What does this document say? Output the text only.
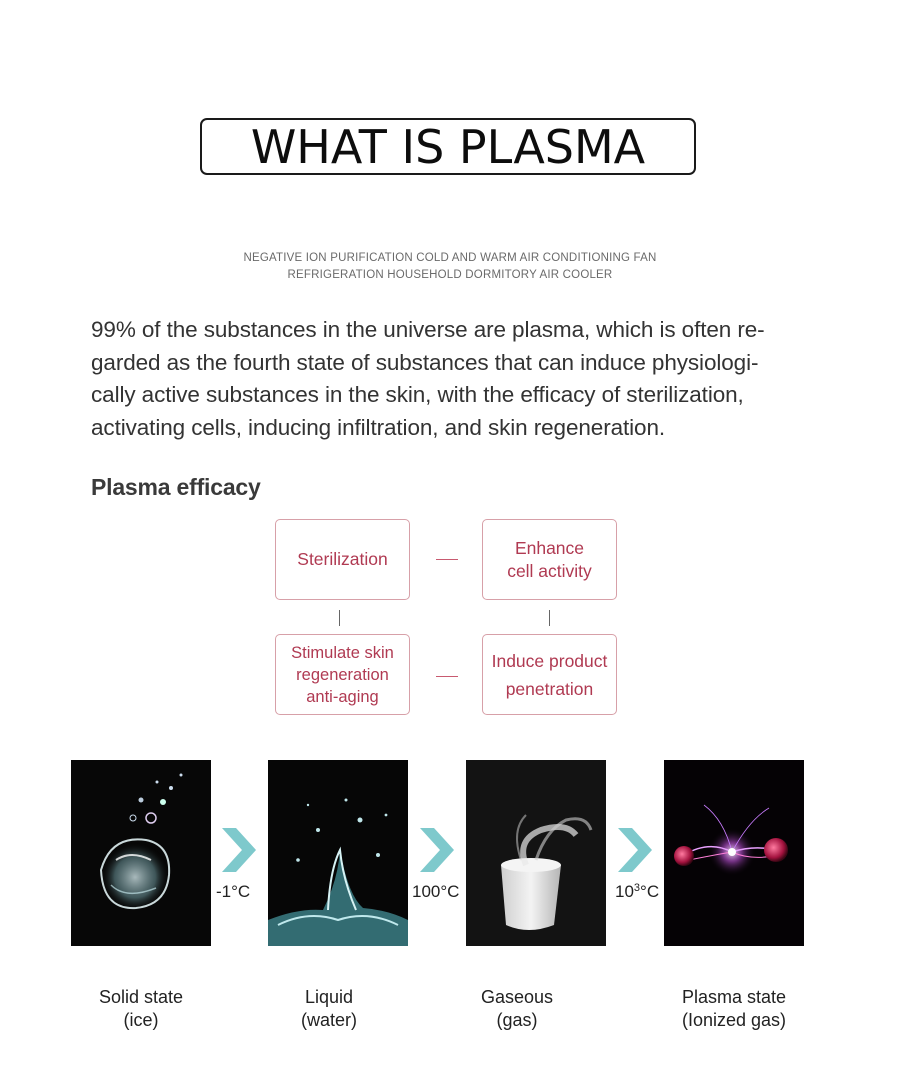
WHAT IS PLASMA
NEGATIVE ION PURIFICATION COLD AND WARM AIR CONDITIONING FAN
REFRIGERATION HOUSEHOLD DORMITORY AIR COOLER
99% of the substances in the universe are plasma, which is often re-
garded as the fourth state of substances that can induce physiologi-
cally active substances in the skin, with the efficacy of sterilization,
activating cells, inducing infiltration, and skin regeneration.
Plasma efficacy
Sterilization
Enhance
cell activity
Stimulate skin
regeneration
anti-aging
Induce product
penetration
-1°C	100°C	$10^3^\circ C$
Solid state
(ice)
Liquid
(water)
Gaseous
(gas)
Plasma state
(Ionized gas)
